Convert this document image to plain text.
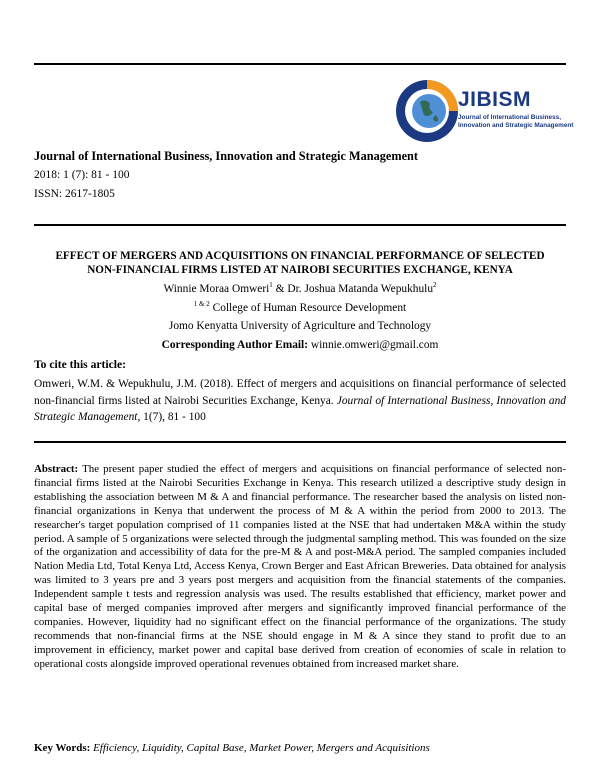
JIBISM
Journal of International Business,
Innovation and Strategic Management
Journal of International Business, Innovation and Strategic Management
2018: 1 (7): 81 - 100
ISSN: 2617-1805
EFFECT OF MERGERS AND ACQUISITIONS ON FINANCIAL PERFORMANCE OF SELECTED
NON-FINANCIAL FIRMS LISTED AT NAIROBI SECURITIES EXCHANGE, KENYA
Winnie Moraa Omweri$^1$ & Dr. Joshua Matanda Wepukhulu$^2$
$^{1 \& 2}$ College of Human Resource Development
Jomo Kenyatta University of Agriculture and Technology
Corresponding Author Email: winnie.omweri@gmail.com
To cite this article:
Omweri, W.M. & Wepukhulu, J.M. (2018). Effect of mergers and acquisitions on financial performance of selected non-financial firms listed at Nairobi Securities Exchange, Kenya. Journal of International Business, Innovation and Strategic Management, 1(7), 81 - 100
Abstract: The present paper studied the effect of mergers and acquisitions on financial performance of selected non-financial firms listed at the Nairobi Securities Exchange in Kenya. This research utilized a descriptive study design in establishing the association between M & A and financial performance. The researcher based the analysis on listed non-financial organizations in Kenya that underwent the process of M & A within the period from 2000 to 2013. The researcher's target population comprised of 11 companies listed at the NSE that had undertaken M&A within the study period. A sample of 5 organizations were selected through the judgmental sampling method. This was founded on the size of the organization and accessibility of data for the pre-M & A and post-M&A period. The sampled companies included Nation Media Ltd, Total Kenya Ltd, Access Kenya, Crown Berger and East African Breweries. Data obtained for analysis was limited to 3 years pre and 3 years post mergers and acquisition from the financial statements of the companies. Independent sample t tests and regression analysis was used. The results established that efficiency, market power and capital base of merged companies improved after mergers and significantly improved financial performance of the companies. However, liquidity had no significant effect on the financial performance of the organizations. The study recommends that non-financial firms at the NSE should engage in M & A since they stand to profit due to an improvement in efficiency, market power and capital base derived from creation of economies of scale in relation to operational costs alongside improved operational revenues obtained from increased market share.
Key Words: Efficiency, Liquidity, Capital Base, Market Power, Mergers and Acquisitions
